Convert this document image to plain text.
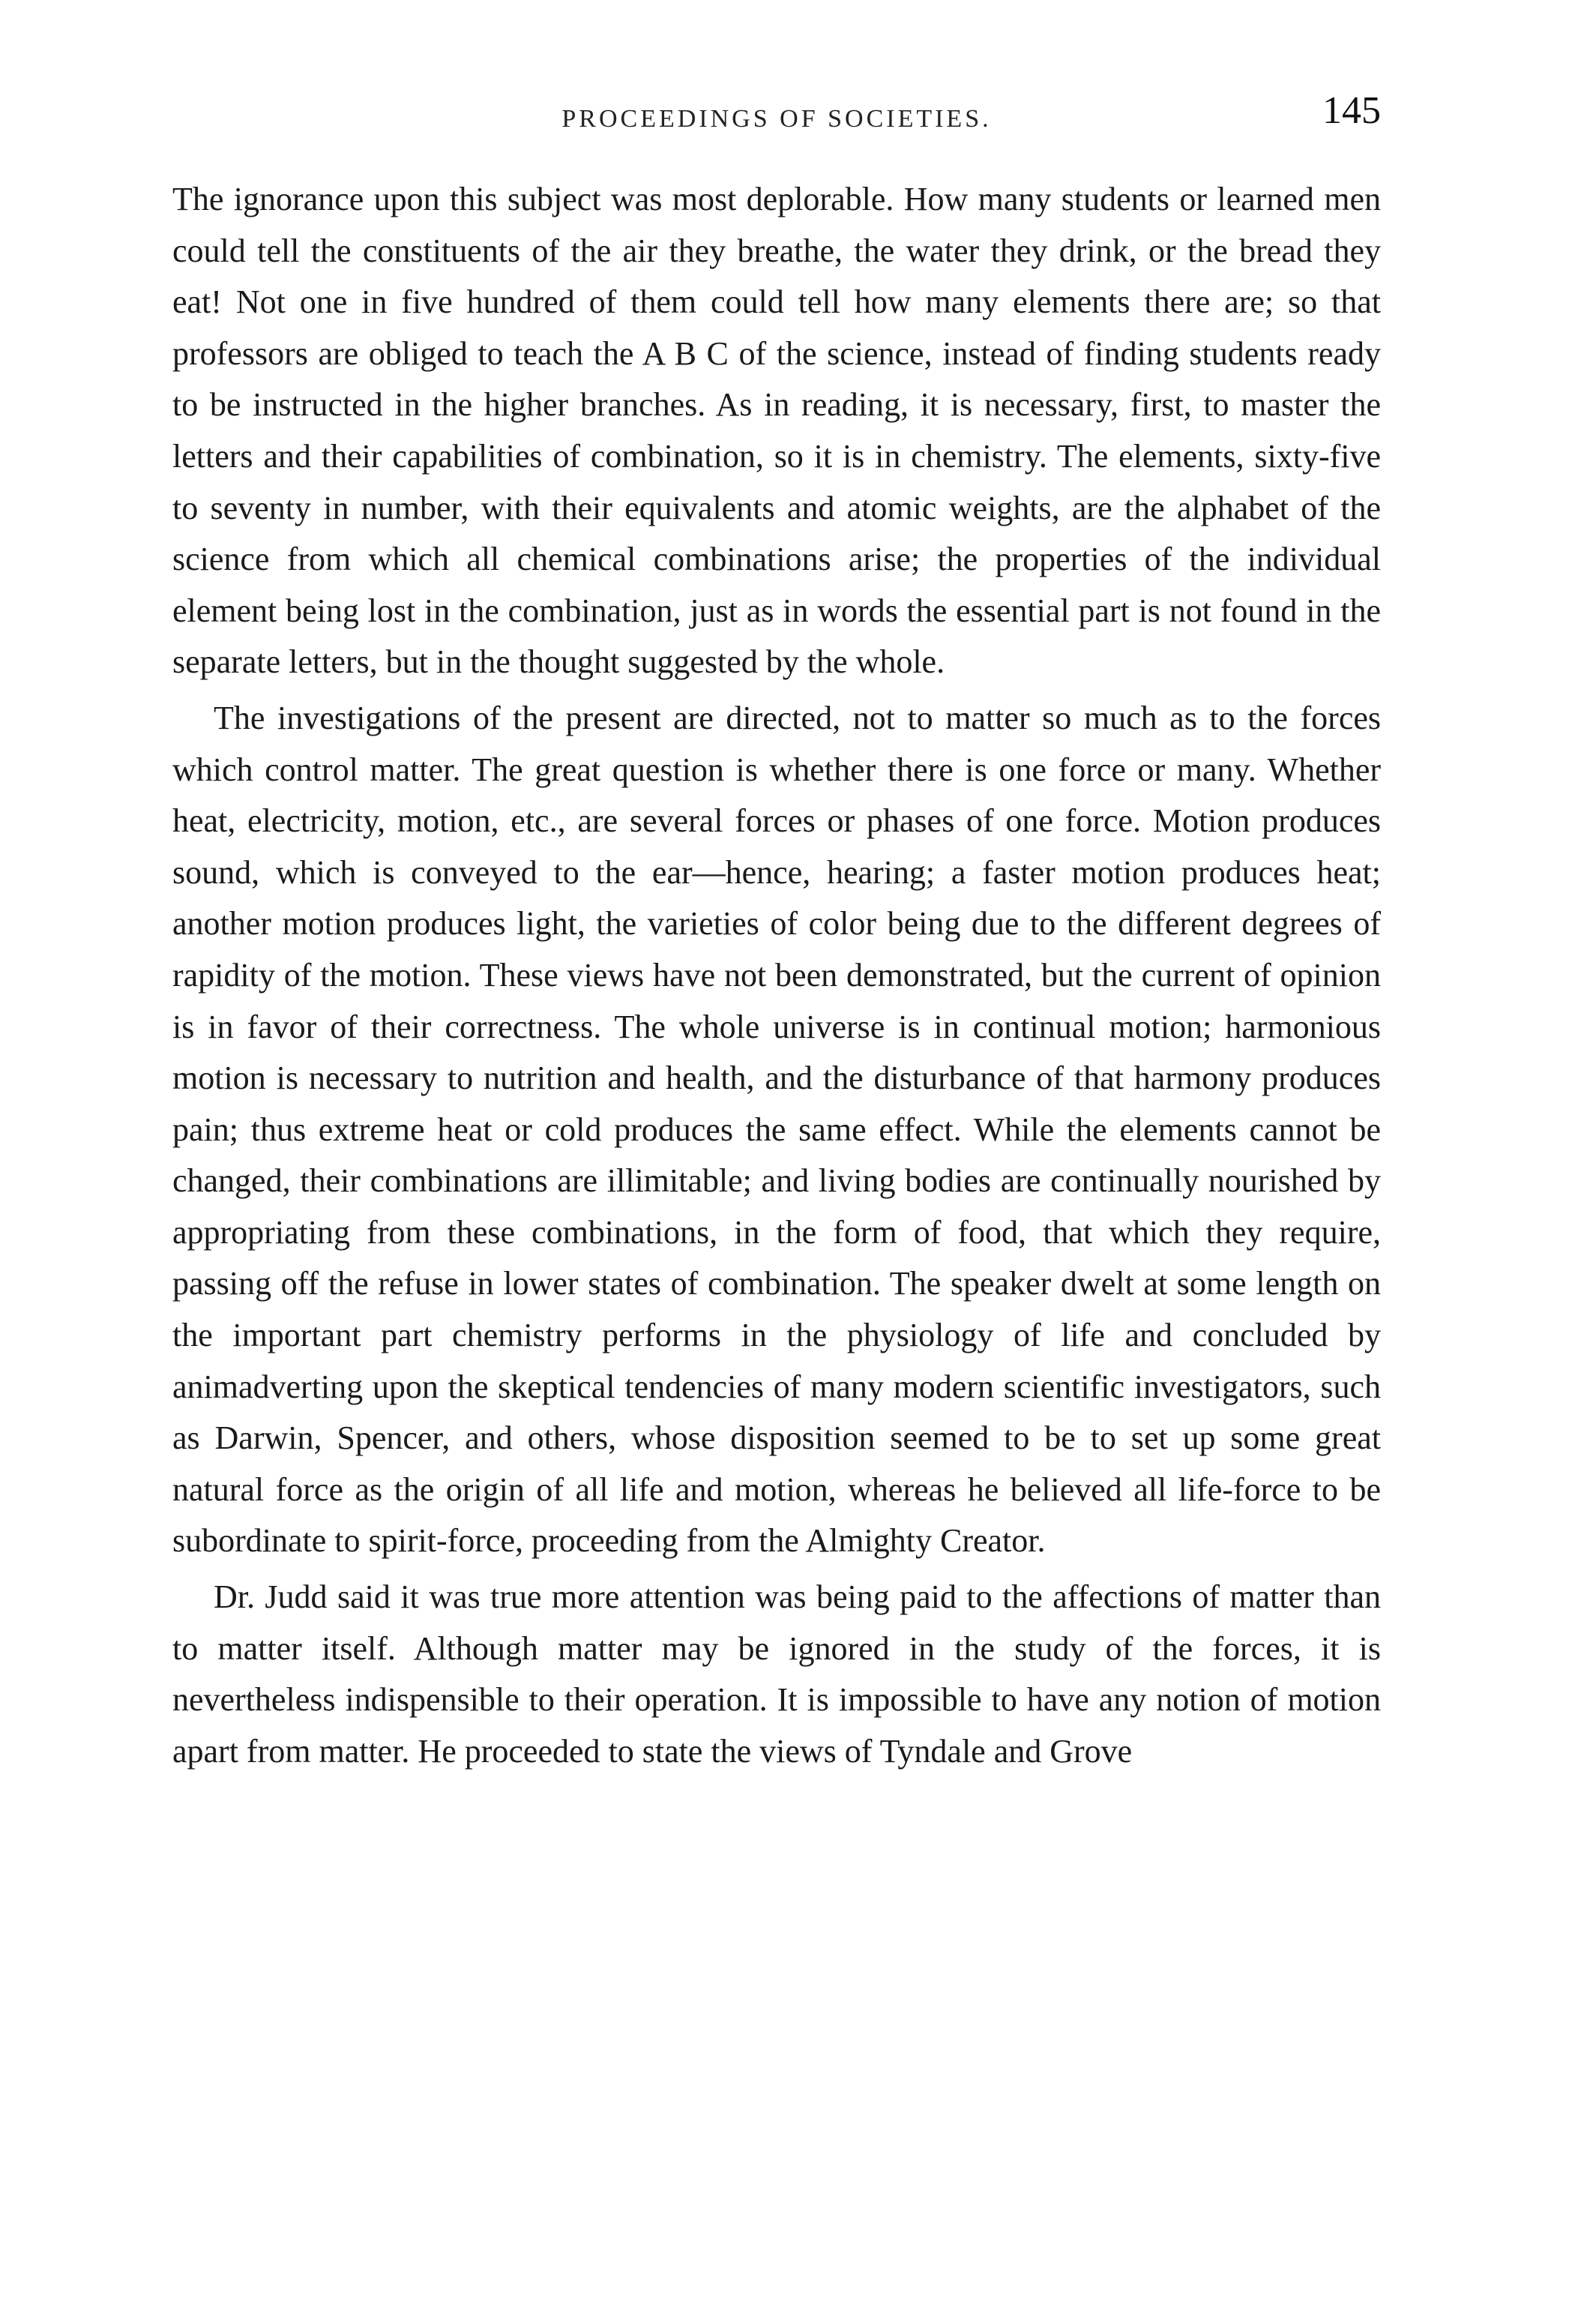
PROCEEDINGS OF SOCIETIES.	145

The ignorance upon this subject was most deplorable. How many students or learned men could tell the constituents of the air they breathe, the water they drink, or the bread they eat! Not one in five hundred of them could tell how many elements there are; so that professors are obliged to teach the A B C of the science, instead of finding students ready to be instructed in the higher branches. As in reading, it is necessary, first, to master the letters and their capabilities of combination, so it is in chemistry. The elements, sixty-five to seventy in number, with their equivalents and atomic weights, are the alphabet of the science from which all chemical combinations arise; the properties of the individual element being lost in the combination, just as in words the essential part is not found in the separate letters, but in the thought suggested by the whole.

The investigations of the present are directed, not to matter so much as to the forces which control matter. The great question is whether there is one force or many. Whether heat, electricity, motion, etc., are several forces or phases of one force. Motion produces sound, which is conveyed to the ear—hence, hearing; a faster motion produces heat; another motion produces light, the varieties of color being due to the different degrees of rapidity of the motion. These views have not been demonstrated, but the current of opinion is in favor of their correctness. The whole universe is in continual motion; harmonious motion is necessary to nutrition and health, and the disturbance of that harmony produces pain; thus extreme heat or cold produces the same effect. While the elements cannot be changed, their combinations are illimitable; and living bodies are continually nourished by appropriating from these combinations, in the form of food, that which they require, passing off the refuse in lower states of combination. The speaker dwelt at some length on the important part chemistry performs in the physiology of life and concluded by animadverting upon the skeptical tendencies of many modern scientific investigators, such as Darwin, Spencer, and others, whose disposition seemed to be to set up some great natural force as the origin of all life and motion, whereas he believed all life-force to be subordinate to spirit-force, proceeding from the Almighty Creator.

Dr. Judd said it was true more attention was being paid to the affections of matter than to matter itself. Although matter may be ignored in the study of the forces, it is nevertheless indispensible to their operation. It is impossible to have any notion of motion apart from matter. He proceeded to state the views of Tyndale and Grove
